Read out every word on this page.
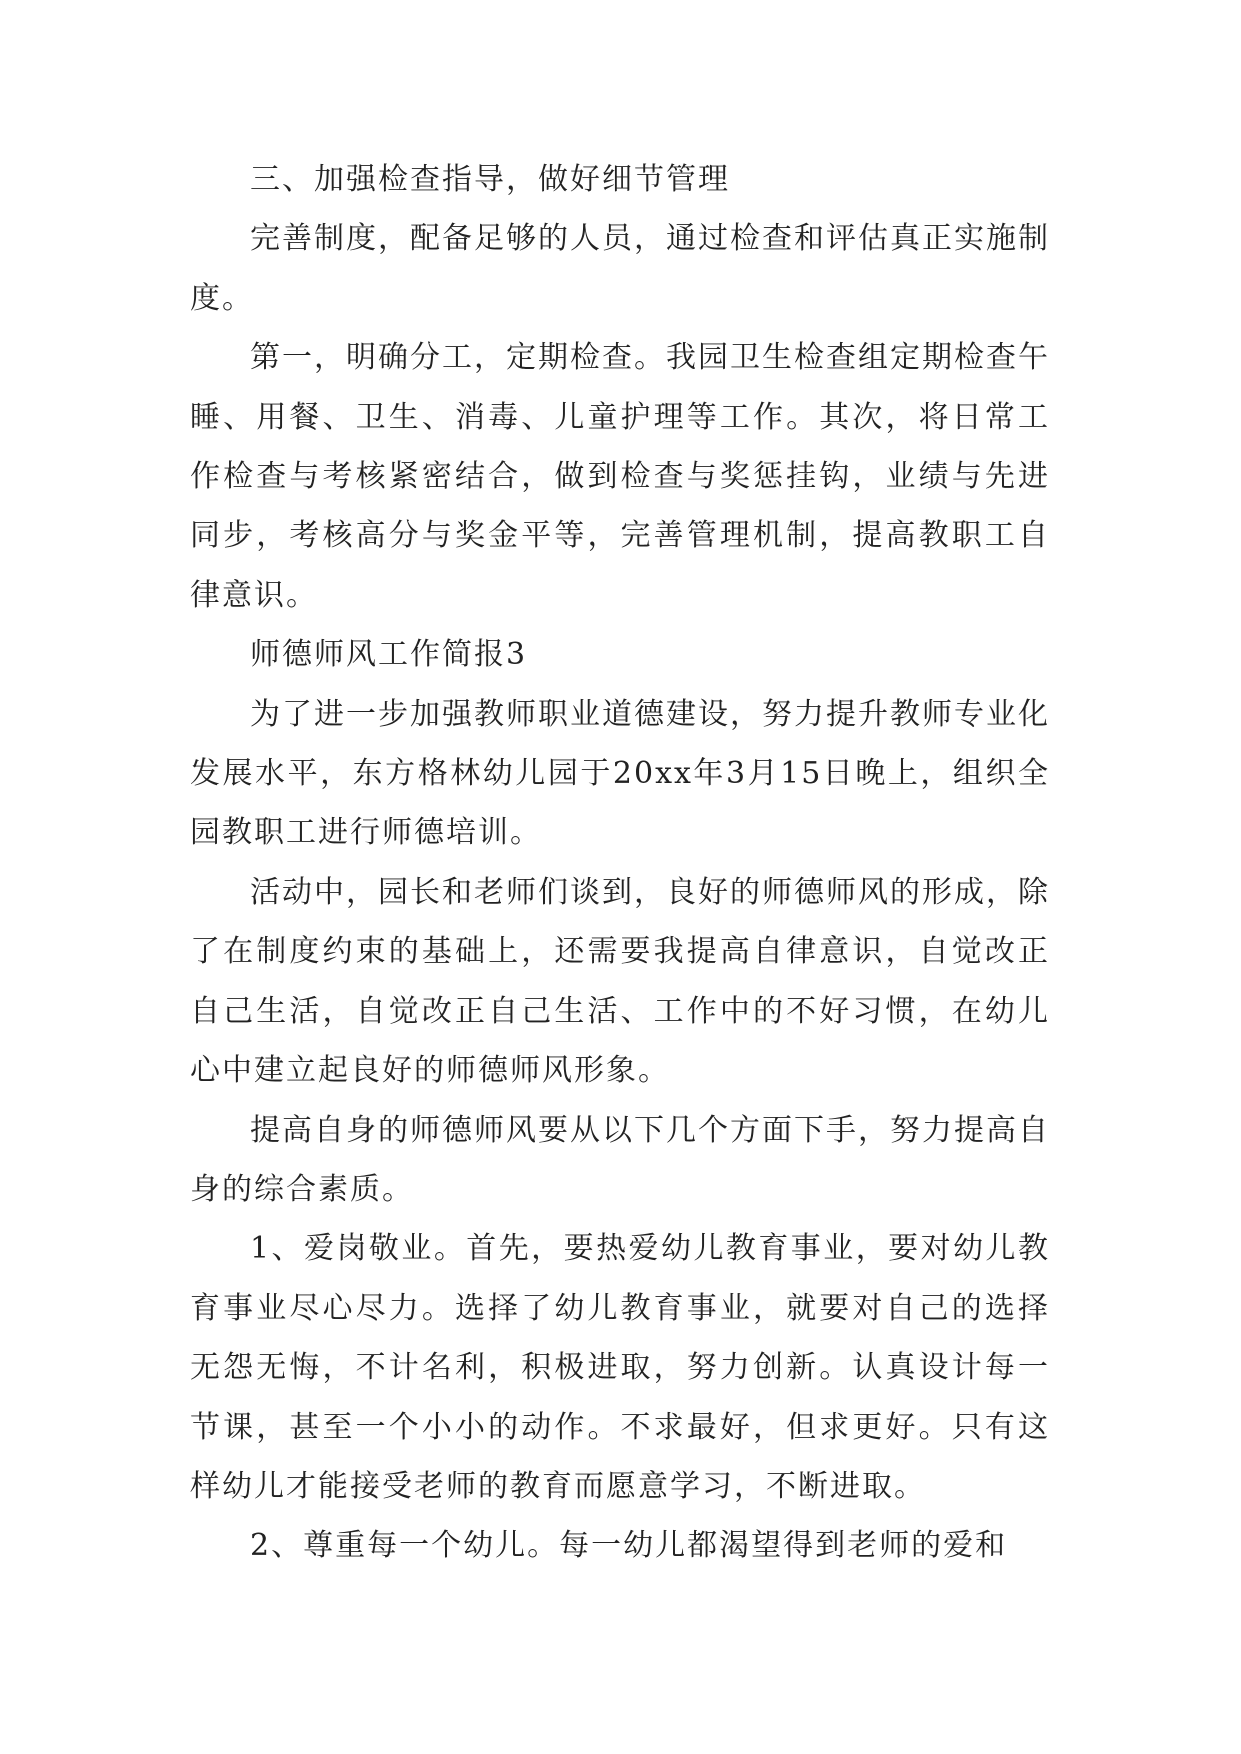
三、加强检查指导，做好细节管理

完善制度，配备足够的人员，通过检查和评估真正实施制度。

第一，明确分工，定期检查。我园卫生检查组定期检查午睡、用餐、卫生、消毒、儿童护理等工作。其次，将日常工作检查与考核紧密结合，做到检查与奖惩挂钩，业绩与先进同步，考核高分与奖金平等，完善管理机制，提高教职工自律意识。

师德师风工作简报3

为了进一步加强教师职业道德建设，努力提升教师专业化发展水平，东方格林幼儿园于20xx年3月15日晚上，组织全园教职工进行师德培训。

活动中，园长和老师们谈到，良好的师德师风的形成，除了在制度约束的基础上，还需要我提高自律意识，自觉改正自己生活，自觉改正自己生活、工作中的不好习惯，在幼儿心中建立起良好的师德师风形象。

提高自身的师德师风要从以下几个方面下手，努力提高自身的综合素质。

1、爱岗敬业。首先，要热爱幼儿教育事业，要对幼儿教育事业尽心尽力。选择了幼儿教育事业，就要对自己的选择无怨无悔，不计名利，积极进取，努力创新。认真设计每一节课，甚至一个小小的动作。不求最好，但求更好。只有这样幼儿才能接受老师的教育而愿意学习，不断进取。

2、尊重每一个幼儿。每一幼儿都渴望得到老师的爱和
